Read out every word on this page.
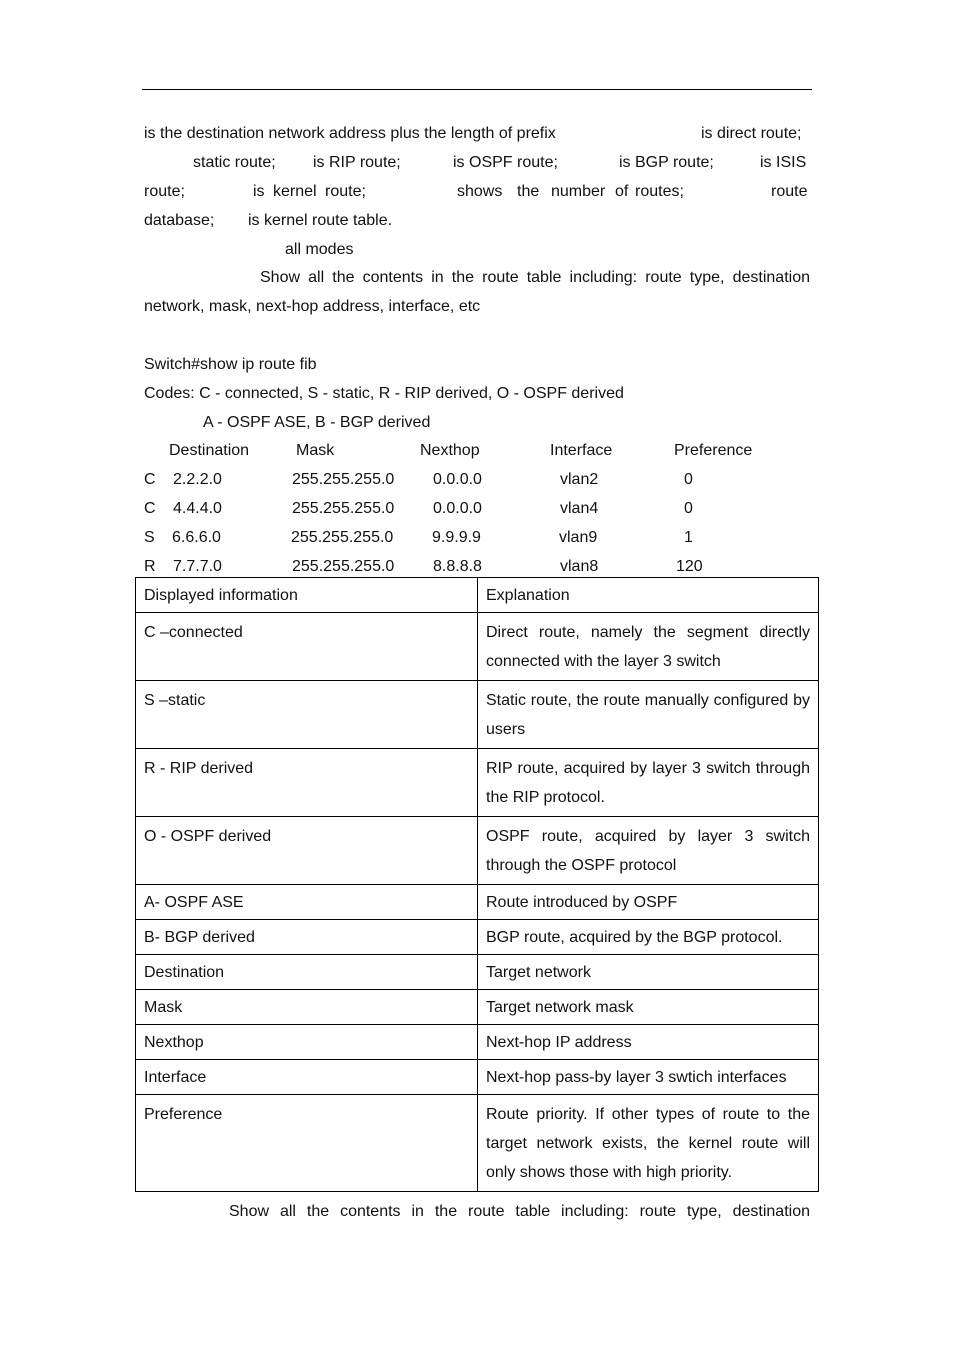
is the destination network address plus the length of prefix	is direct route;
static route; is RIP route;	is OSPF route;	is BGP route;	is ISIS
route;	is kernel route;	shows the number of routes;	route
database; is kernel route table.
all modes
Show all the contents in the route table including: route type, destination
network, mask, next-hop address, interface, etc
Switch#show ip route fib
Codes: C - connected, S - static, R - RIP derived, O - OSPF derived
A - OSPF ASE, B - BGP derived
Destination	Mask	Nexthop	Interface	Preference
C 2.2.2.0	255.255.255.0 0.0.0.0	vlan2	0
C 4.4.4.0	255.255.255.0 0.0.0.0	vlan4	0
S 6.6.6.0	255.255.255.0 9.9.9.9	vlan9	1
R 7.7.7.0	255.255.255.0 8.8.8.8	vlan8	120
Displayed information	Explanation
C –connected	Direct route, namely the segment directly connected with the layer 3 switch
S –static	Static route, the route manually configured by users
R - RIP derived	RIP route, acquired by layer 3 switch through the RIP protocol.
O - OSPF derived	OSPF route, acquired by layer 3 switch through the OSPF protocol
A- OSPF ASE	Route introduced by OSPF
B- BGP derived	BGP route, acquired by the BGP protocol.
Destination	Target network
Mask	Target network mask
Nexthop	Next-hop IP address
Interface	Next-hop pass-by layer 3 swtich interfaces
Preference	Route priority. If other types of route to the target network exists, the kernel route will only shows those with high priority.
Show all the contents in the route table including: route type, destination
